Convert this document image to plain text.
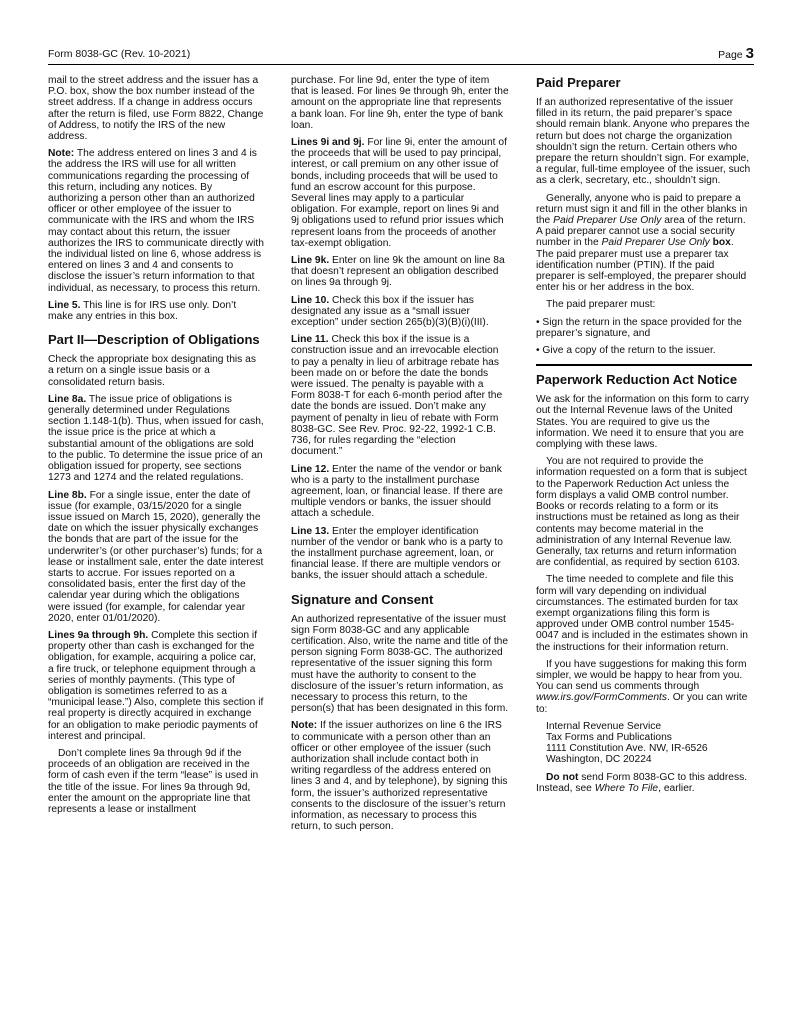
Form 8038-GC (Rev. 10-2021)	Page 3

mail to the street address and the issuer has a P.O. box, show the box number instead of the street address. If a change in address occurs after the return is filed, use Form 8822, Change of Address, to notify the IRS of the new address.

Note: The address entered on lines 3 and 4 is the address the IRS will use for all written communications regarding the processing of this return, including any notices. By authorizing a person other than an authorized officer or other employee of the issuer to communicate with the IRS and whom the IRS may contact about this return, the issuer authorizes the IRS to communicate directly with the individual listed on line 6, whose address is entered on lines 3 and 4 and consents to disclose the issuer’s return information to that individual, as necessary, to process this return.

Line 5. This line is for IRS use only. Don’t make any entries in this box.

Part II—Description of Obligations

Check the appropriate box designating this as a return on a single issue basis or a consolidated return basis.

Line 8a. The issue price of obligations is generally determined under Regulations section 1.148-1(b). Thus, when issued for cash, the issue price is the price at which a substantial amount of the obligations are sold to the public. To determine the issue price of an obligation issued for property, see sections 1273 and 1274 and the related regulations.

Line 8b. For a single issue, enter the date of issue (for example, 03/15/2020 for a single issue issued on March 15, 2020), generally the date on which the issuer physically exchanges the bonds that are part of the issue for the underwriter’s (or other purchaser’s) funds; for a lease or installment sale, enter the date interest starts to accrue. For issues reported on a consolidated basis, enter the first day of the calendar year during which the obligations were issued (for example, for calendar year 2020, enter 01/01/2020).

Lines 9a through 9h. Complete this section if property other than cash is exchanged for the obligation, for example, acquiring a police car, a fire truck, or telephone equipment through a series of monthly payments. (This type of obligation is sometimes referred to as a “municipal lease.”) Also, complete this section if real property is directly acquired in exchange for an obligation to make periodic payments of interest and principal.

Don’t complete lines 9a through 9d if the proceeds of an obligation are received in the form of cash even if the term “lease” is used in the title of the issue. For lines 9a through 9d, enter the amount on the appropriate line that represents a lease or installment

purchase. For line 9d, enter the type of item that is leased. For lines 9e through 9h, enter the amount on the appropriate line that represents a bank loan. For line 9h, enter the type of bank loan.

Lines 9i and 9j. For line 9i, enter the amount of the proceeds that will be used to pay principal, interest, or call premium on any other issue of bonds, including proceeds that will be used to fund an escrow account for this purpose. Several lines may apply to a particular obligation. For example, report on lines 9i and 9j obligations used to refund prior issues which represent loans from the proceeds of another tax-exempt obligation.

Line 9k. Enter on line 9k the amount on line 8a that doesn’t represent an obligation described on lines 9a through 9j.

Line 10. Check this box if the issuer has designated any issue as a “small issuer exception” under section 265(b)(3)(B)(i)(III).

Line 11. Check this box if the issue is a construction issue and an irrevocable election to pay a penalty in lieu of arbitrage rebate has been made on or before the date the bonds were issued. The penalty is payable with a Form 8038-T for each 6-month period after the date the bonds are issued. Don’t make any payment of penalty in lieu of rebate with Form 8038-GC. See Rev. Proc. 92-22, 1992-1 C.B. 736, for rules regarding the “election document.”

Line 12. Enter the name of the vendor or bank who is a party to the installment purchase agreement, loan, or financial lease. If there are multiple vendors or banks, the issuer should attach a schedule.

Line 13. Enter the employer identification number of the vendor or bank who is a party to the installment purchase agreement, loan, or financial lease. If there are multiple vendors or banks, the issuer should attach a schedule.

Signature and Consent

An authorized representative of the issuer must sign Form 8038-GC and any applicable certification. Also, write the name and title of the person signing Form 8038-GC. The authorized representative of the issuer signing this form must have the authority to consent to the disclosure of the issuer’s return information, as necessary to process this return, to the person(s) that has been designated in this form.

Note: If the issuer authorizes on line 6 the IRS to communicate with a person other than an officer or other employee of the issuer (such authorization shall include contact both in writing regardless of the address entered on lines 3 and 4, and by telephone), by signing this form, the issuer’s authorized representative consents to the disclosure of the issuer’s return information, as necessary to process this return, to such person.

Paid Preparer

If an authorized representative of the issuer filled in its return, the paid preparer’s space should remain blank. Anyone who prepares the return but does not charge the organization shouldn’t sign the return. Certain others who prepare the return shouldn’t sign. For example, a regular, full-time employee of the issuer, such as a clerk, secretary, etc., shouldn’t sign.

Generally, anyone who is paid to prepare a return must sign it and fill in the other blanks in the Paid Preparer Use Only area of the return. A paid preparer cannot use a social security number in the Paid Preparer Use Only box. The paid preparer must use a preparer tax identification number (PTIN). If the paid preparer is self-employed, the preparer should enter his or her address in the box.

The paid preparer must:

• Sign the return in the space provided for the preparer’s signature, and

• Give a copy of the return to the issuer.

Paperwork Reduction Act Notice

We ask for the information on this form to carry out the Internal Revenue laws of the United States. You are required to give us the information. We need it to ensure that you are complying with these laws.

You are not required to provide the information requested on a form that is subject to the Paperwork Reduction Act unless the form displays a valid OMB control number. Books or records relating to a form or its instructions must be retained as long as their contents may become material in the administration of any Internal Revenue law. Generally, tax returns and return information are confidential, as required by section 6103.

The time needed to complete and file this form will vary depending on individual circumstances. The estimated burden for tax exempt organizations filing this form is approved under OMB control number 1545-0047 and is included in the estimates shown in the instructions for their information return.

If you have suggestions for making this form simpler, we would be happy to hear from you. You can send us comments through www.irs.gov/FormComments. Or you can write to:

Internal Revenue Service
Tax Forms and Publications
1111 Constitution Ave. NW, IR-6526
Washington, DC 20224

Do not send Form 8038-GC to this address. Instead, see Where To File, earlier.
